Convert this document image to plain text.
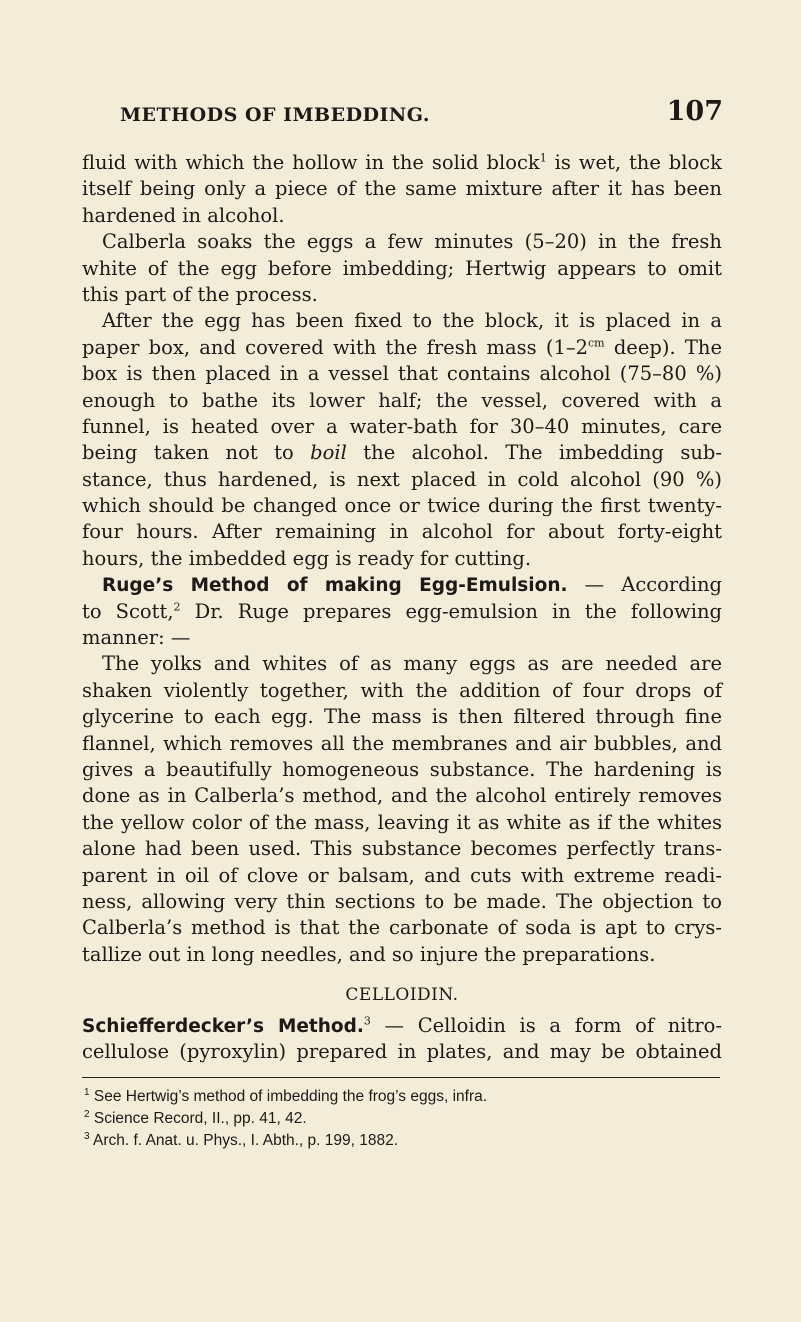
METHODS OF IMBEDDING.	107
fluid with which the hollow in the solid block$^1$ is wet, the block
itself being only a piece of the same mixture after it has been
hardened in alcohol.
Calberla soaks the eggs a few minutes (5–20) in the fresh
white of the egg before imbedding; Hertwig appears to omit
this part of the process.
After the egg has been fixed to the block, it is placed in a
paper box, and covered with the fresh mass ($1-2^{cm}$ deep). The
box is then placed in a vessel that contains alcohol (75–80 %)
enough to bathe its lower half; the vessel, covered with a
funnel, is heated over a water-bath for 30–40 minutes, care
being taken not to boil the alcohol. The imbedding sub-
stance, thus hardened, is next placed in cold alcohol (90 %)
which should be changed once or twice during the first twenty-
four hours. After remaining in alcohol for about forty-eight
hours, the imbedded egg is ready for cutting.
Ruge’s Method of making Egg-Emulsion. — According
to Scott,$^2$ Dr. Ruge prepares egg-emulsion in the following
manner: —
The yolks and whites of as many eggs as are needed are
shaken violently together, with the addition of four drops of
glycerine to each egg. The mass is then filtered through fine
flannel, which removes all the membranes and air bubbles, and
gives a beautifully homogeneous substance. The hardening is
done as in Calberla’s method, and the alcohol entirely removes
the yellow color of the mass, leaving it as white as if the whites
alone had been used. This substance becomes perfectly trans-
parent in oil of clove or balsam, and cuts with extreme readi-
ness, allowing very thin sections to be made. The objection to
Calberla’s method is that the carbonate of soda is apt to crys-
tallize out in long needles, and so injure the preparations.
CELLOIDIN.
Schiefferdecker’s Method.$^3$ — Celloidin is a form of nitro-
cellulose (pyroxylin) prepared in plates, and may be obtained
$^1$ See Hertwig’s method of imbedding the frog’s eggs, infra.
$^2$ Science Record, II., pp. 41, 42.
$^3$ Arch. f. Anat. u. Phys., I. Abth., p. 199, 1882.
